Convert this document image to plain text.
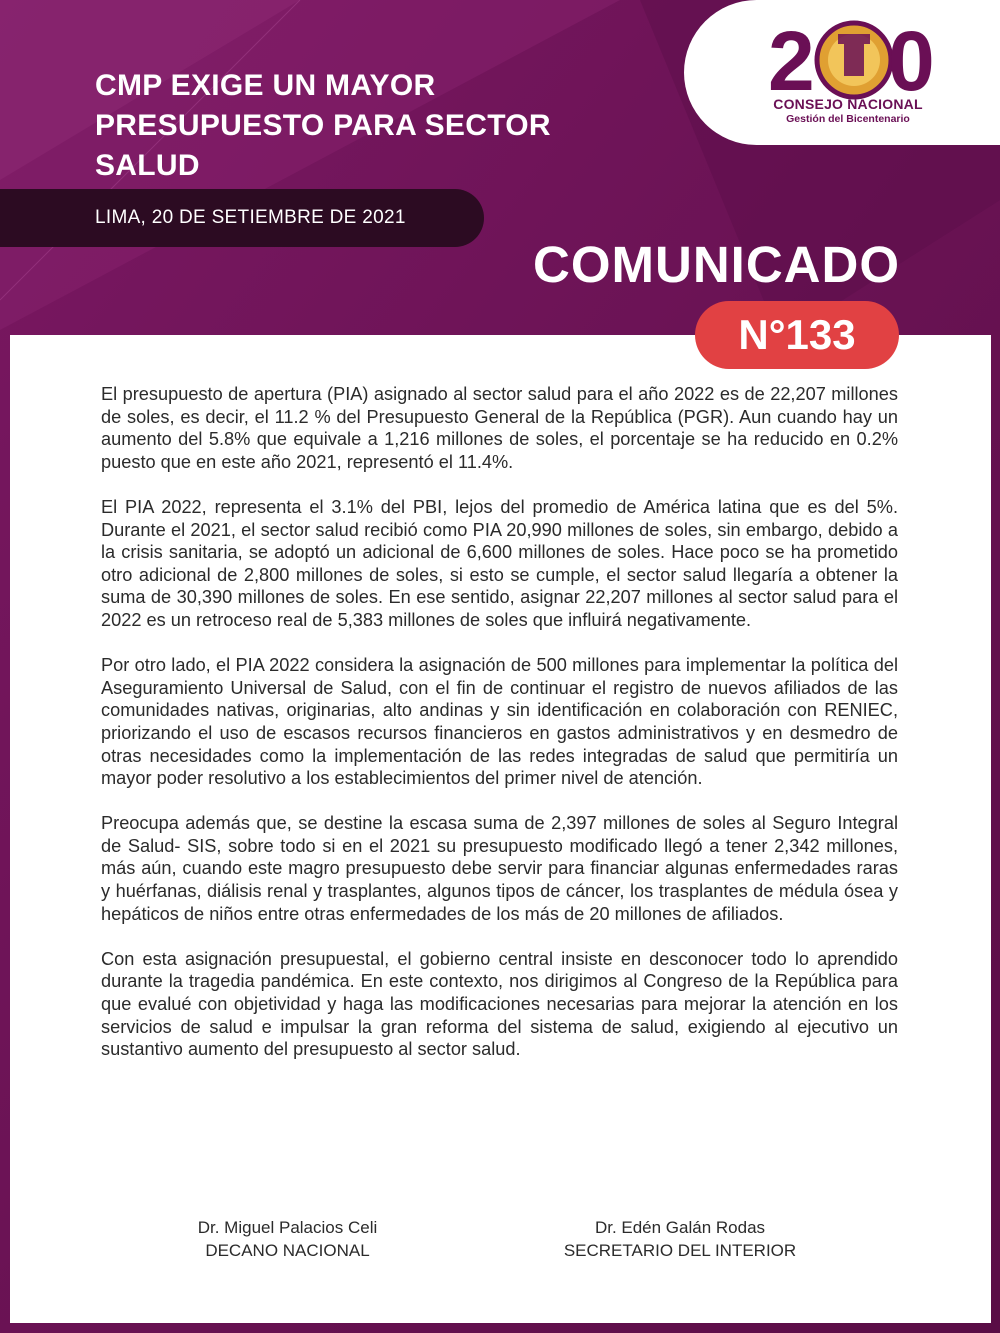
2 0
CONSEJO NACIONAL
Gestión del Bicentenario
CMP EXIGE UN MAYOR
PRESUPUESTO PARA SECTOR
SALUD
LIMA, 20 DE SETIEMBRE DE 2021
COMUNICADO
N°133

El presupuesto de apertura (PIA) asignado al sector salud para el año 2022 es de 22,207 millones de soles, es decir, el 11.2 % del Presupuesto General de la República (PGR). Aun cuando hay un aumento del 5.8% que equivale a 1,216 millones de soles, el porcentaje se ha reducido en 0.2% puesto que en este año 2021, representó el 11.4%.

El PIA 2022, representa el 3.1% del PBI, lejos del promedio de América latina que es del 5%. Durante el 2021, el sector salud recibió como PIA 20,990 millones de soles, sin embargo, debido a la crisis sanitaria, se adoptó un adicional de 6,600 millones de soles. Hace poco se ha prometido otro adicional de 2,800 millones de soles, si esto se cumple, el sector salud llegaría a obtener la suma de 30,390 millones de soles. En ese sentido, asignar 22,207 millones al sector salud para el 2022 es un retroceso real de 5,383 millones de soles que influirá negativamente.

Por otro lado, el PIA 2022 considera la asignación de 500 millones para implementar la política del Aseguramiento Universal de Salud, con el fin de continuar el registro de nuevos afiliados de las comunidades nativas, originarias, alto andinas y sin identificación en colaboración con RENIEC, priorizando el uso de escasos recursos financieros en gastos administrativos y en desmedro de otras necesidades como la implementación de las redes integradas de salud que permitiría un mayor poder resolutivo a los establecimientos del primer nivel de atención.

Preocupa además que, se destine la escasa suma de 2,397 millones de soles al Seguro Integral de Salud- SIS, sobre todo si en el 2021 su presupuesto modificado llegó a tener 2,342 millones, más aún, cuando este magro presupuesto debe servir para financiar algunas enfermedades raras y huérfanas, diálisis renal y trasplantes, algunos tipos de cáncer, los trasplantes de médula ósea y hepáticos de niños entre otras enfermedades de los más de 20 millones de afiliados.

Con esta asignación presupuestal, el gobierno central insiste en desconocer todo lo aprendido durante la tragedia pandémica. En este contexto, nos dirigimos al Congreso de la República para que evalué con objetividad y haga las modificaciones necesarias para mejorar la atención en los servicios de salud e impulsar la gran reforma del sistema de salud, exigiendo al ejecutivo un sustantivo aumento del presupuesto al sector salud.

Dr. Miguel Palacios Celi
DECANO NACIONAL
Dr. Edén Galán Rodas
SECRETARIO DEL INTERIOR
